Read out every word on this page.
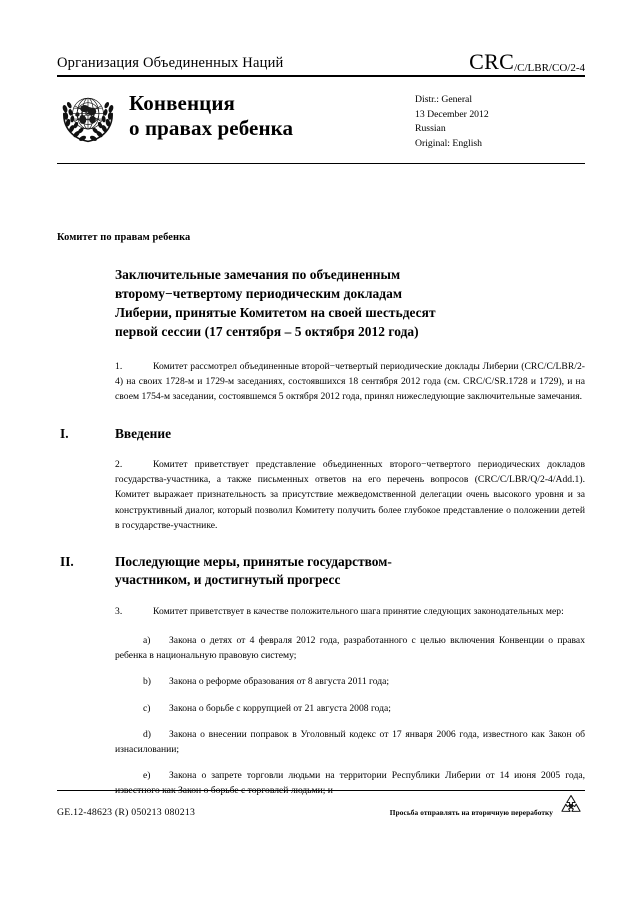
Организация Объединенных Наций	CRC/C/LBR/CO/2-4
Конвенция
о правах ребенка
Distr.: General
13 December 2012
Russian
Original: English
Комитет по правам ребенка
Заключительные замечания по объединенным второму−четвертому периодическим докладам Либерии, принятые Комитетом на своей шестьдесят первой сессии (17 сентября – 5 октября 2012 года)

1.	Комитет рассмотрел объединенные второй−четвертый периодические доклады Либерии (CRC/C/LBR/2-4) на своих 1728-м и 1729-м заседаниях, состоявшихся 18 сентября 2012 года (см. CRC/C/SR.1728 и 1729), и на своем 1754-м заседании, состоявшемся 5 октября 2012 года, принял нижеследующие заключительные замечания.

I.	Введение

2.	Комитет приветствует представление объединенных второго−четвертого периодических докладов государства-участника, а также письменных ответов на его перечень вопросов (CRC/C/LBR/Q/2-4/Add.1). Комитет выражает признательность за присутствие межведомственной делегации очень высокого уровня и за конструктивный диалог, который позволил Комитету получить более глубокое представление о положении детей в государстве-участнике.

II.	Последующие меры, принятые государством-
участником, и достигнутый прогресс

3.	Комитет приветствует в качестве положительного шага принятие следующих законодательных мер:

a) Закона о детях от 4 февраля 2012 года, разработанного с целью включения Конвенции о правах ребенка в национальную правовую систему;

b) Закона о реформе образования от 8 августа 2011 года;

c) Закона о борьбе с коррупцией от 21 августа 2008 года;

d) Закона о внесении поправок в Уголовный кодекс от 17 января 2006 года, известного как Закон об изнасиловании;

e) Закона о запрете торговли людьми на территории Республики Либерии от 14 июня 2005 года, известного как Закон о борьбе с торговлей людьми; и

GE.12-48623 (R) 050213 080213	Просьба отправлять на вторичную переработку
